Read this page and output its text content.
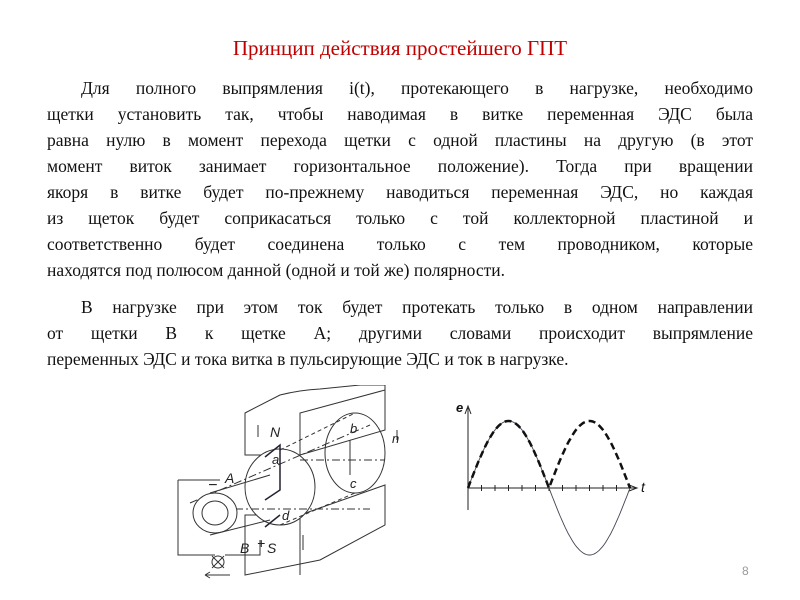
Принцип действия простейшего ГПТ
Для полного выпрямления i(t), протекающего в нагрузке, необходимо
щетки установить так, чтобы наводимая в витке переменная ЭДС была
равна нулю в момент перехода щетки с одной пластины на другую (в этот
момент виток занимает горизонтальное положение). Тогда при вращении
якоря в витке будет по-прежнему наводиться переменная ЭДС, но каждая
из щеток будет соприкасаться только с той коллекторной пластиной и
соответственно будет соединена только с тем проводником, которые
находятся под полюсом данной (одной и той же) полярности.
В нагрузке при этом ток будет протекать только в одном направлении
от щетки В к щетке А; другими словами происходит выпрямление
переменных ЭДС и тока витка в пульсирующие ЭДС и ток в нагрузке.
N
S
a
b
c
d
n
A
B
−
+
e
t
8
